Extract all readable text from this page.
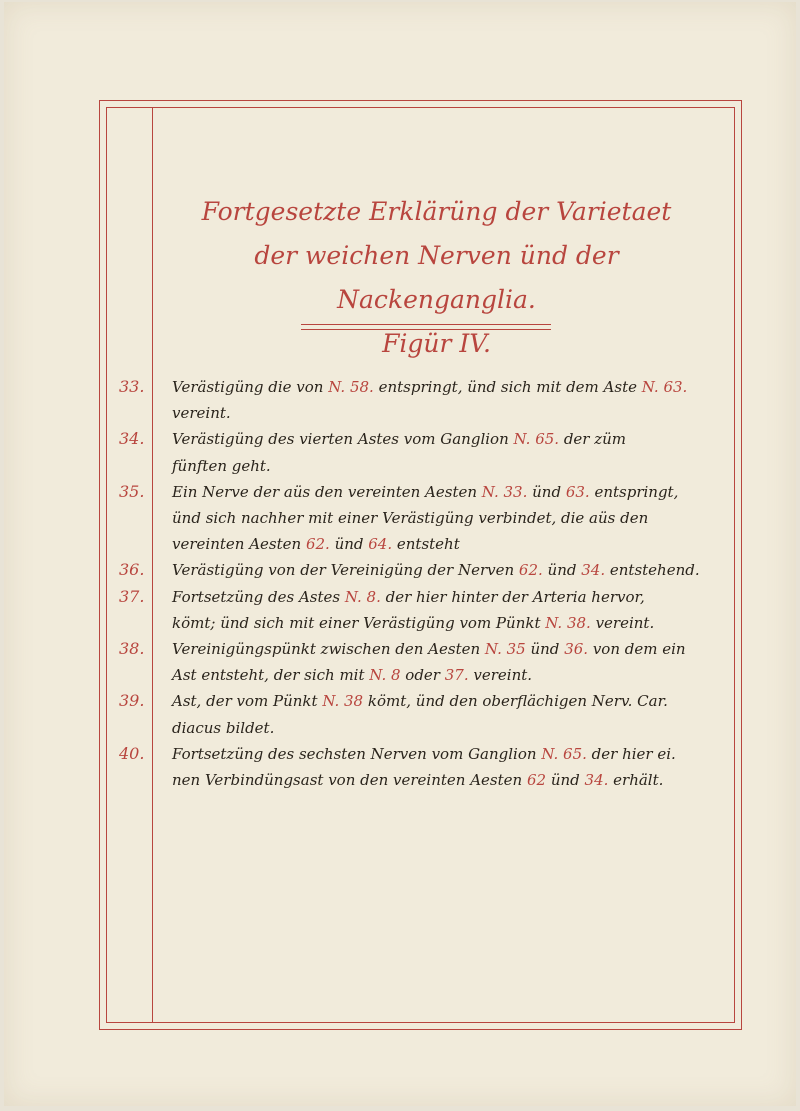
Fortgesetzte Erklärüng der Varietaet
der weichen Nerven ünd der Nackenganglia.
Figür IV.
33.	Verästigüng die von N. 58. entspringt, ünd sich mit dem Aste N. 63.
vereint.
34.	Verästigüng des vierten Astes vom Ganglion N. 65. der züm
fünften geht.
35.	Ein Nerve der aüs den vereinten Aesten N. 33. ünd 63. entspringt,
ünd sich nachher mit einer Verästigüng verbindet, die aüs den
vereinten Aesten 62. ünd 64. entsteht
36.	Verästigüng von der Vereinigüng der Nerven 62. ünd 34. entstehend.
37.	Fortsetzüng des Astes N. 8. der hier hinter der Arteria hervor,
kömt; ünd sich mit einer Verästigüng vom Pünkt N. 38. vereint.
38.	Vereinigüngspünkt zwischen den Aesten N. 35 ünd 36. von dem ein
Ast entsteht, der sich mit N. 8 oder 37. vereint.
39.	Ast, der vom Pünkt N. 38 kömt, ünd den oberflächigen Nerv. Car.
diacus bildet.
40.	Fortsetzüng des sechsten Nerven vom Ganglion N. 65. der hier ei.
nen Verbindüngsast von den vereinten Aesten 62 ünd 34. erhält.
